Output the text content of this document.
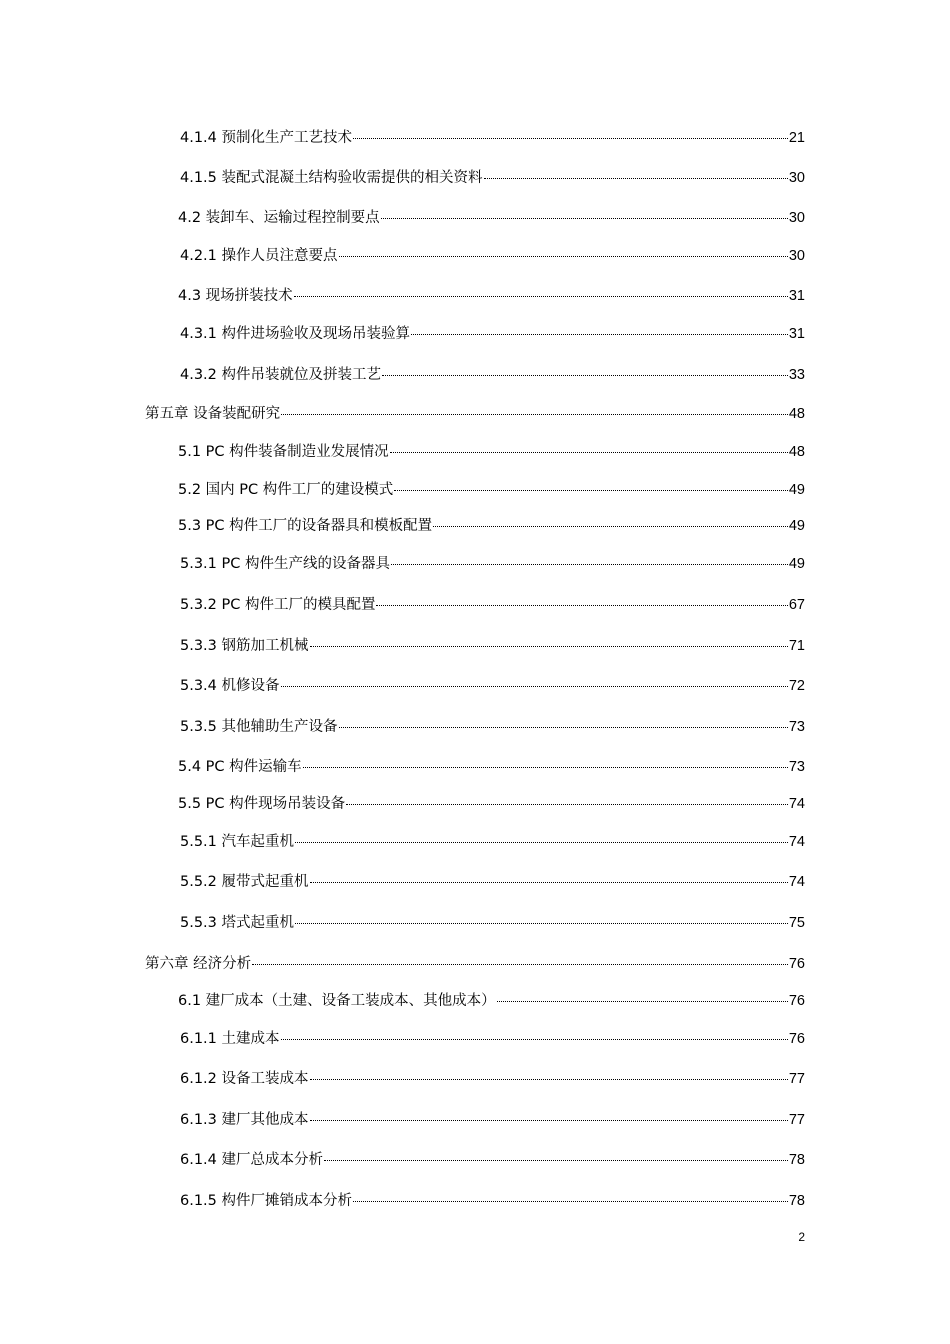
4.1.4 预制化生产工艺技术	21
4.1.5 装配式混凝土结构验收需提供的相关资料	30
4.2 装卸车、运输过程控制要点	30
4.2.1 操作人员注意要点	30
4.3 现场拼装技术	31
4.3.1 构件进场验收及现场吊装验算	31
4.3.2 构件吊装就位及拼装工艺	33
第五章 设备装配研究	48
5.1 PC 构件装备制造业发展情况	48
5.2 国内 PC 构件工厂的建设模式	49
5.3 PC 构件工厂的设备器具和模板配置	49
5.3.1 PC 构件生产线的设备器具	49
5.3.2 PC 构件工厂的模具配置	67
5.3.3 钢筋加工机械	71
5.3.4 机修设备	72
5.3.5 其他辅助生产设备	73
5.4 PC 构件运输车	73
5.5 PC 构件现场吊装设备	74
5.5.1 汽车起重机	74
5.5.2 履带式起重机	74
5.5.3 塔式起重机	75
第六章 经济分析	76
6.1 建厂成本（土建、设备工装成本、其他成本）	76
6.1.1 土建成本	76
6.1.2 设备工装成本	77
6.1.3 建厂其他成本	77
6.1.4 建厂总成本分析	78
6.1.5 构件厂摊销成本分析	78
2
